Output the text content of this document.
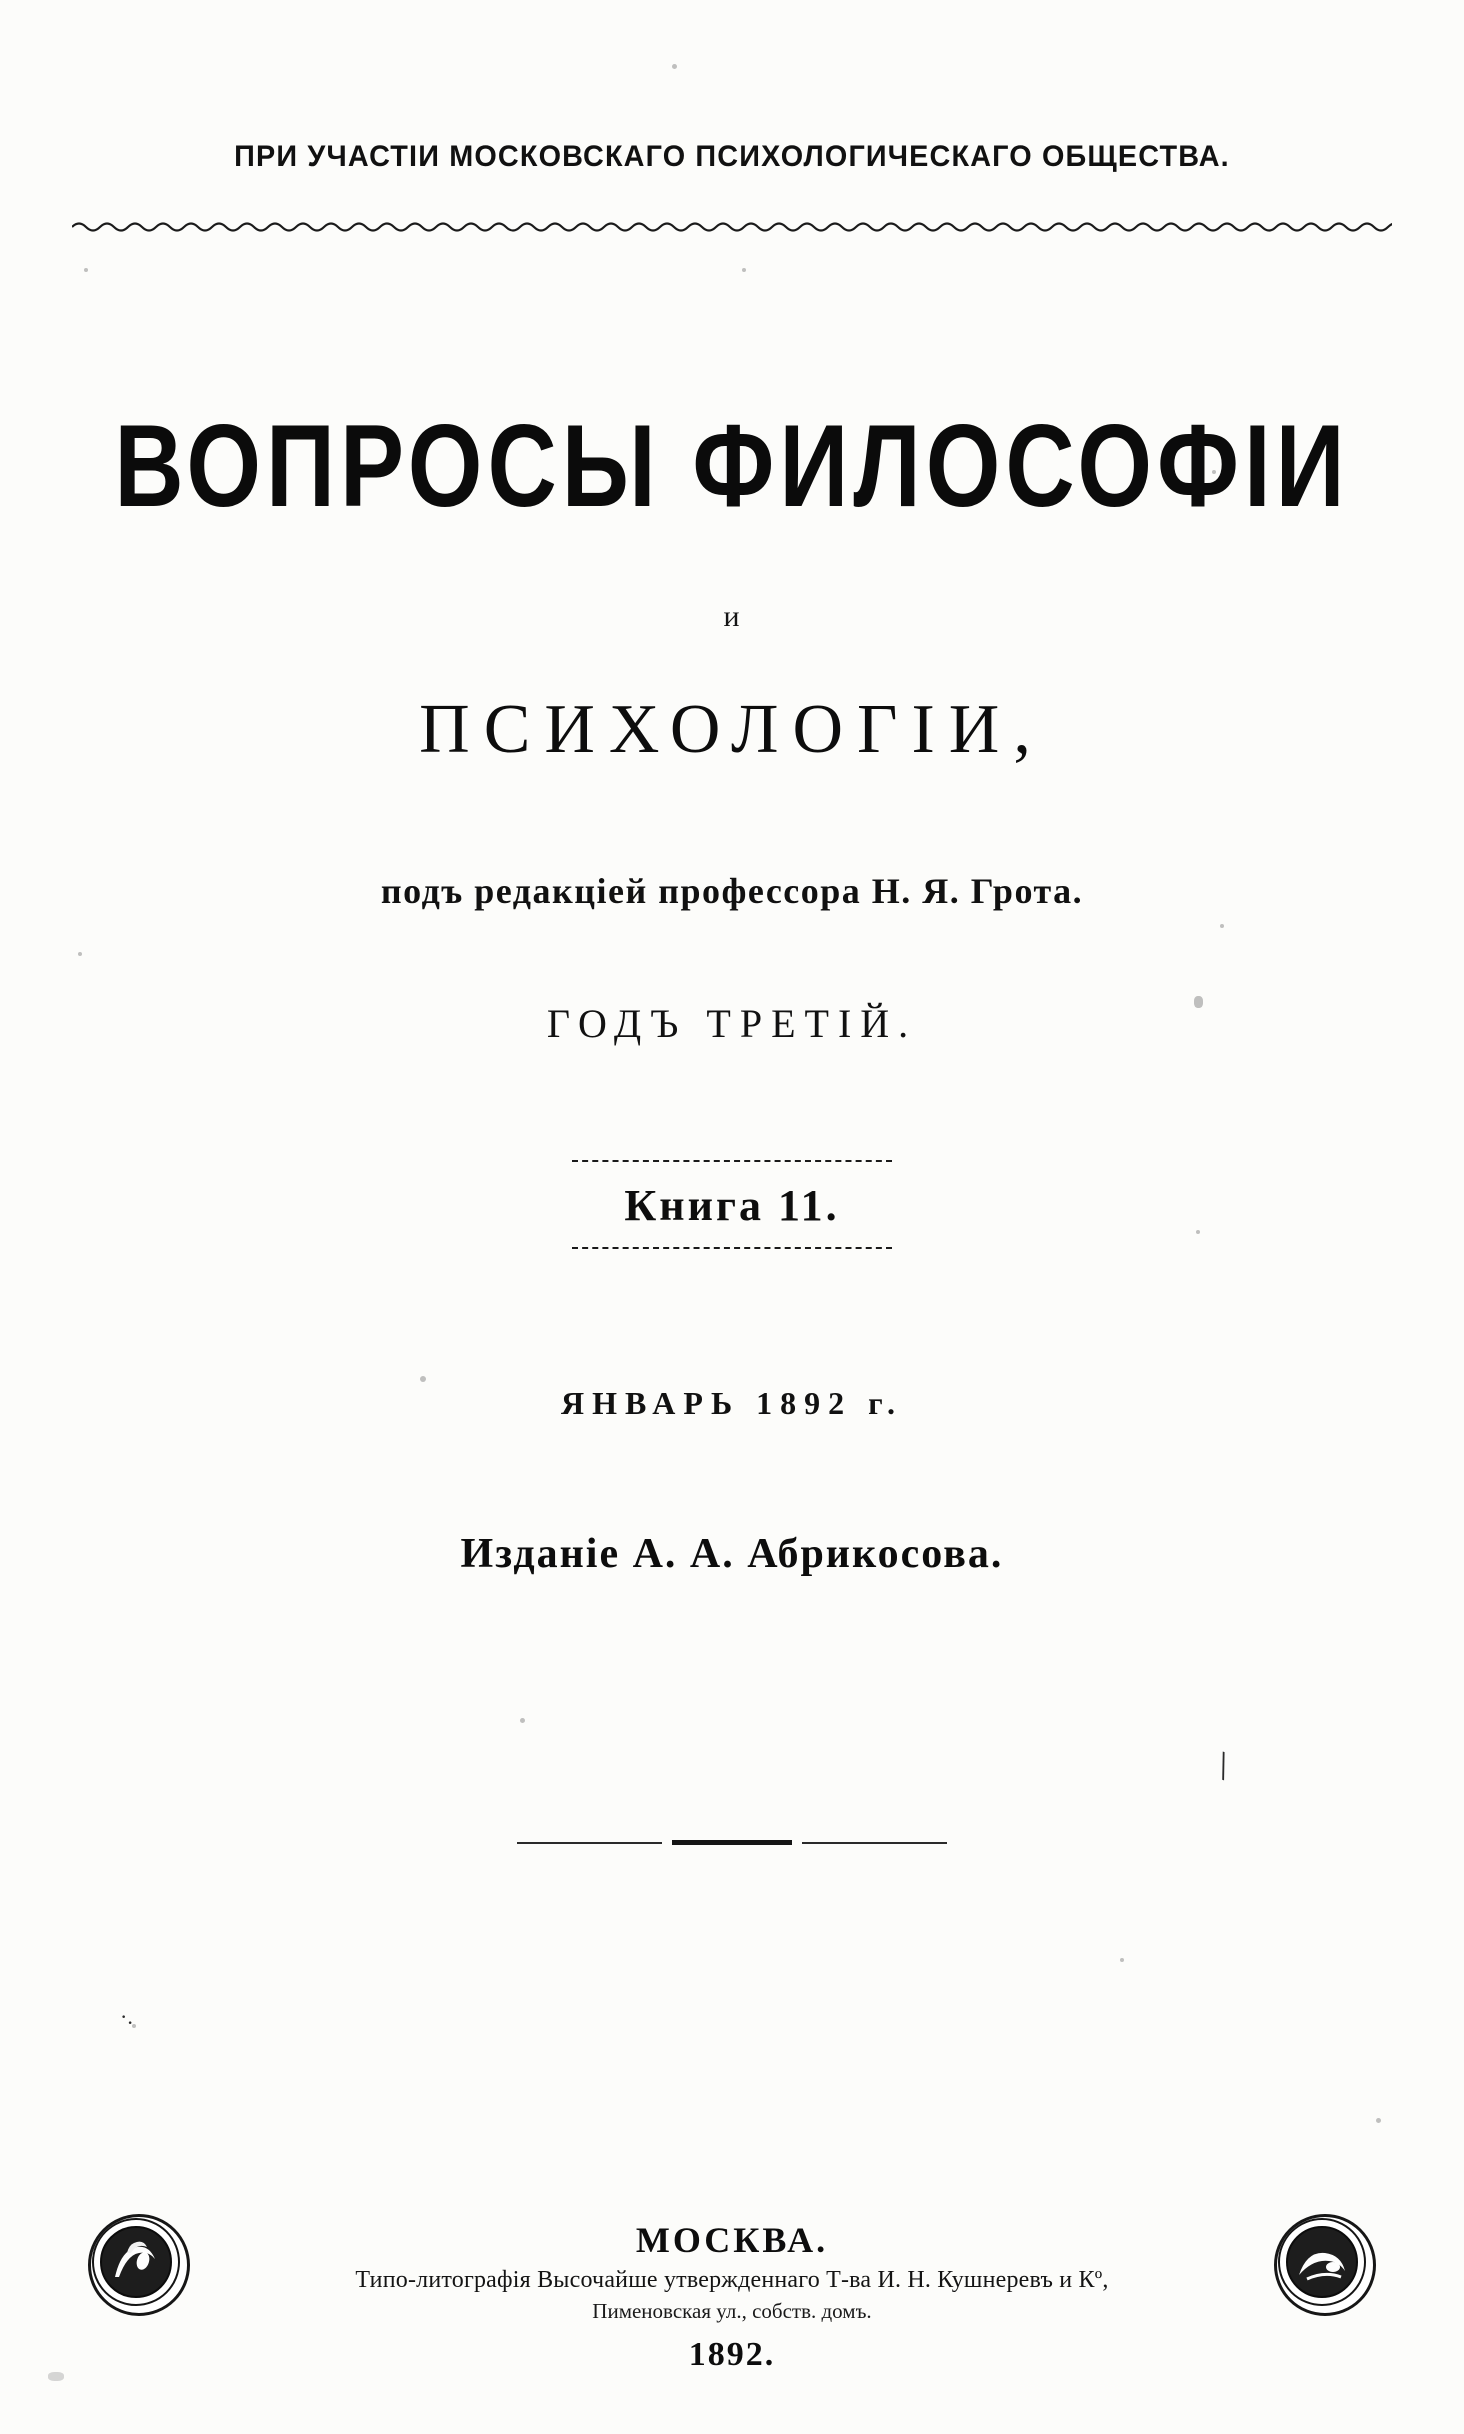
\
·.
ПРИ УЧАСТІИ МОСКОВСКАГО ПСИХОЛОГИЧЕСКАГО ОБЩЕСТВА.
ВОПРОСЫ ФИЛОСОФІИ
и
ПСИХОЛОГІИ,
подъ редакціей профессора Н. Я. Грота.
ГОДЪ ТРЕТІЙ.
Книга 11.
ЯНВАРЬ 1892 г.
Изданіе А. А. Абрикосова.
МОСКВА.
Типо-литографія Высочайше утвержденнаго Т-ва И. Н. Кушнеревъ и Кº,
Пименовская ул., собств. домъ.
1892.
